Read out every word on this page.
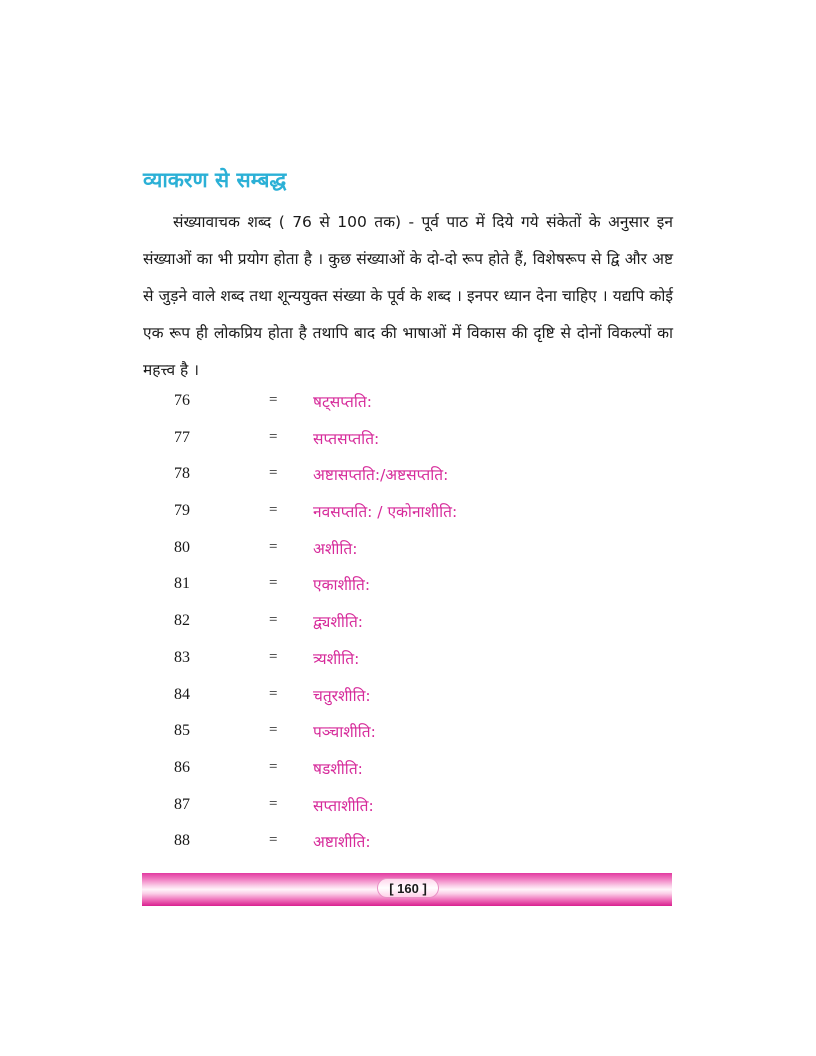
व्याकरण से सम्बद्ध
संख्यावाचक शब्द ( 76 से 100 तक) - पूर्व पाठ में दिये गये संकेतों के अनुसार इन संख्याओं का भी प्रयोग होता है । कुछ संख्याओं के दो-दो रूप होते हैं, विशेषरूप से द्वि और अष्ट से जुड़ने वाले शब्द तथा शून्ययुक्त संख्या के पूर्व के शब्द । इनपर ध्यान देना चाहिए । यद्यपि कोई एक रूप ही लोकप्रिय होता है तथापि बाद की भाषाओं में विकास की दृष्टि से दोनों विकल्पों का महत्त्व है ।
76	= षट्सप्तति:
77	= सप्तसप्तति:
78	= अष्टासप्तति:/अष्टसप्तति:
79	= नवसप्तति: / एकोनाशीति:
80	= अशीति:
81	= एकाशीति:
82	= द्व्यशीति:
83	= त्र्यशीति:
84	= चतुरशीति:
85	= पञ्चाशीति:
86	= षडशीति:
87	= सप्ताशीति:
88	= अष्टाशीति:
[ 160 ]
